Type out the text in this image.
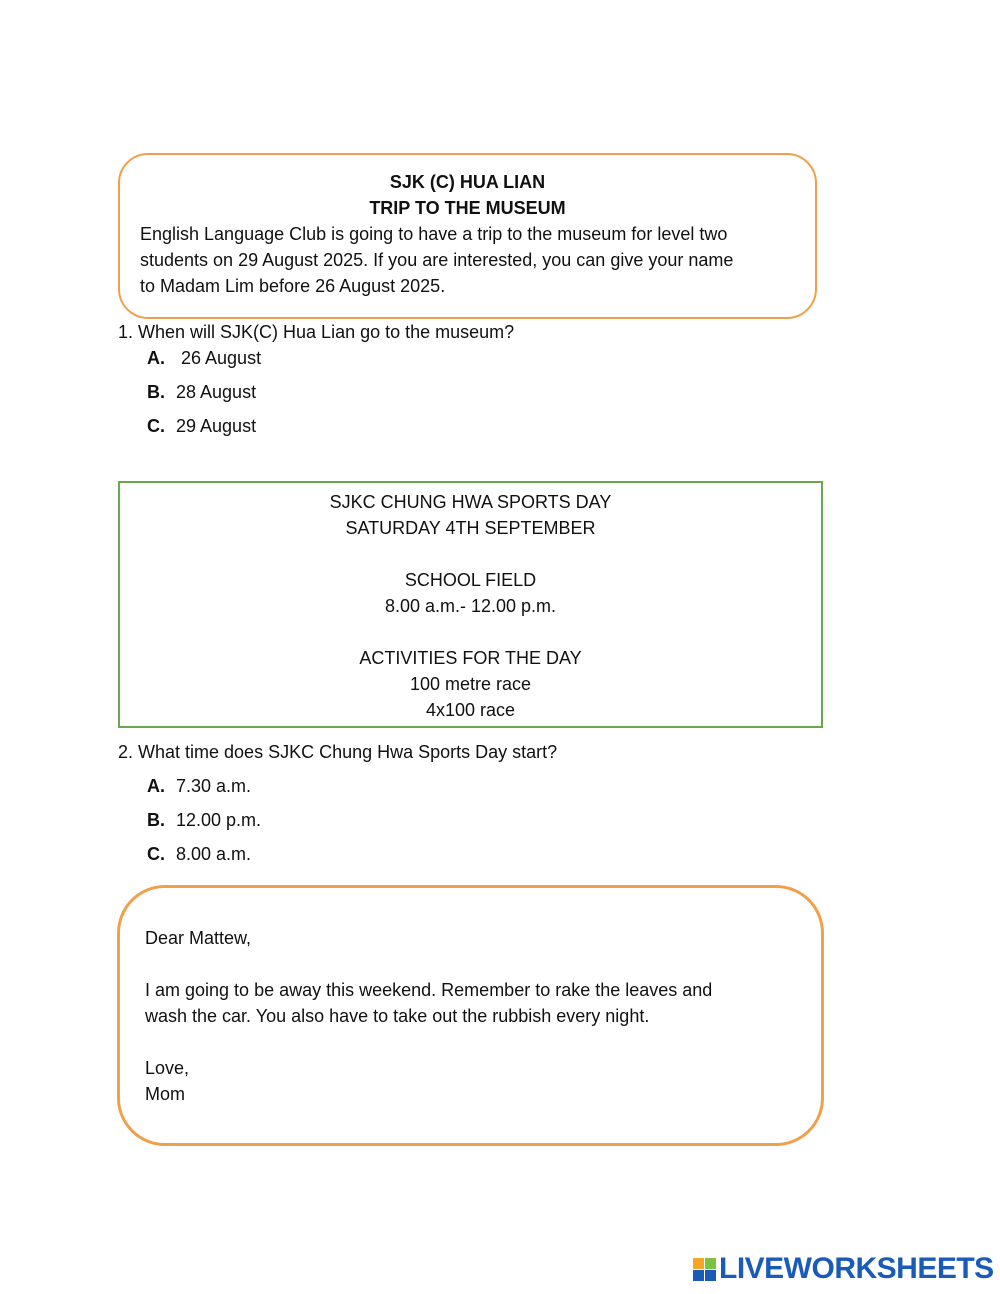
SJK (C) HUA LIAN
TRIP TO THE MUSEUM
English Language Club is going to have a trip to the museum for level two
students on 29 August 2025. If you are interested, you can give your name
to Madam Lim before 26 August 2025.
1. When will SJK(C) Hua Lian go to the museum?
A. 26 August
B. 28 August
C. 29 August
SJKC CHUNG HWA SPORTS DAY
SATURDAY 4TH SEPTEMBER
SCHOOL FIELD
8.00 a.m.- 12.00 p.m.
ACTIVITIES FOR THE DAY
100 metre race
4x100 race
2. What time does SJKC Chung Hwa Sports Day start?
A. 7.30 a.m.
B. 12.00 p.m.
C. 8.00 a.m.
Dear Mattew,
I am going to be away this weekend. Remember to rake the leaves and
wash the car. You also have to take out the rubbish every night.
Love,
Mom
LIVEWORKSHEETS
